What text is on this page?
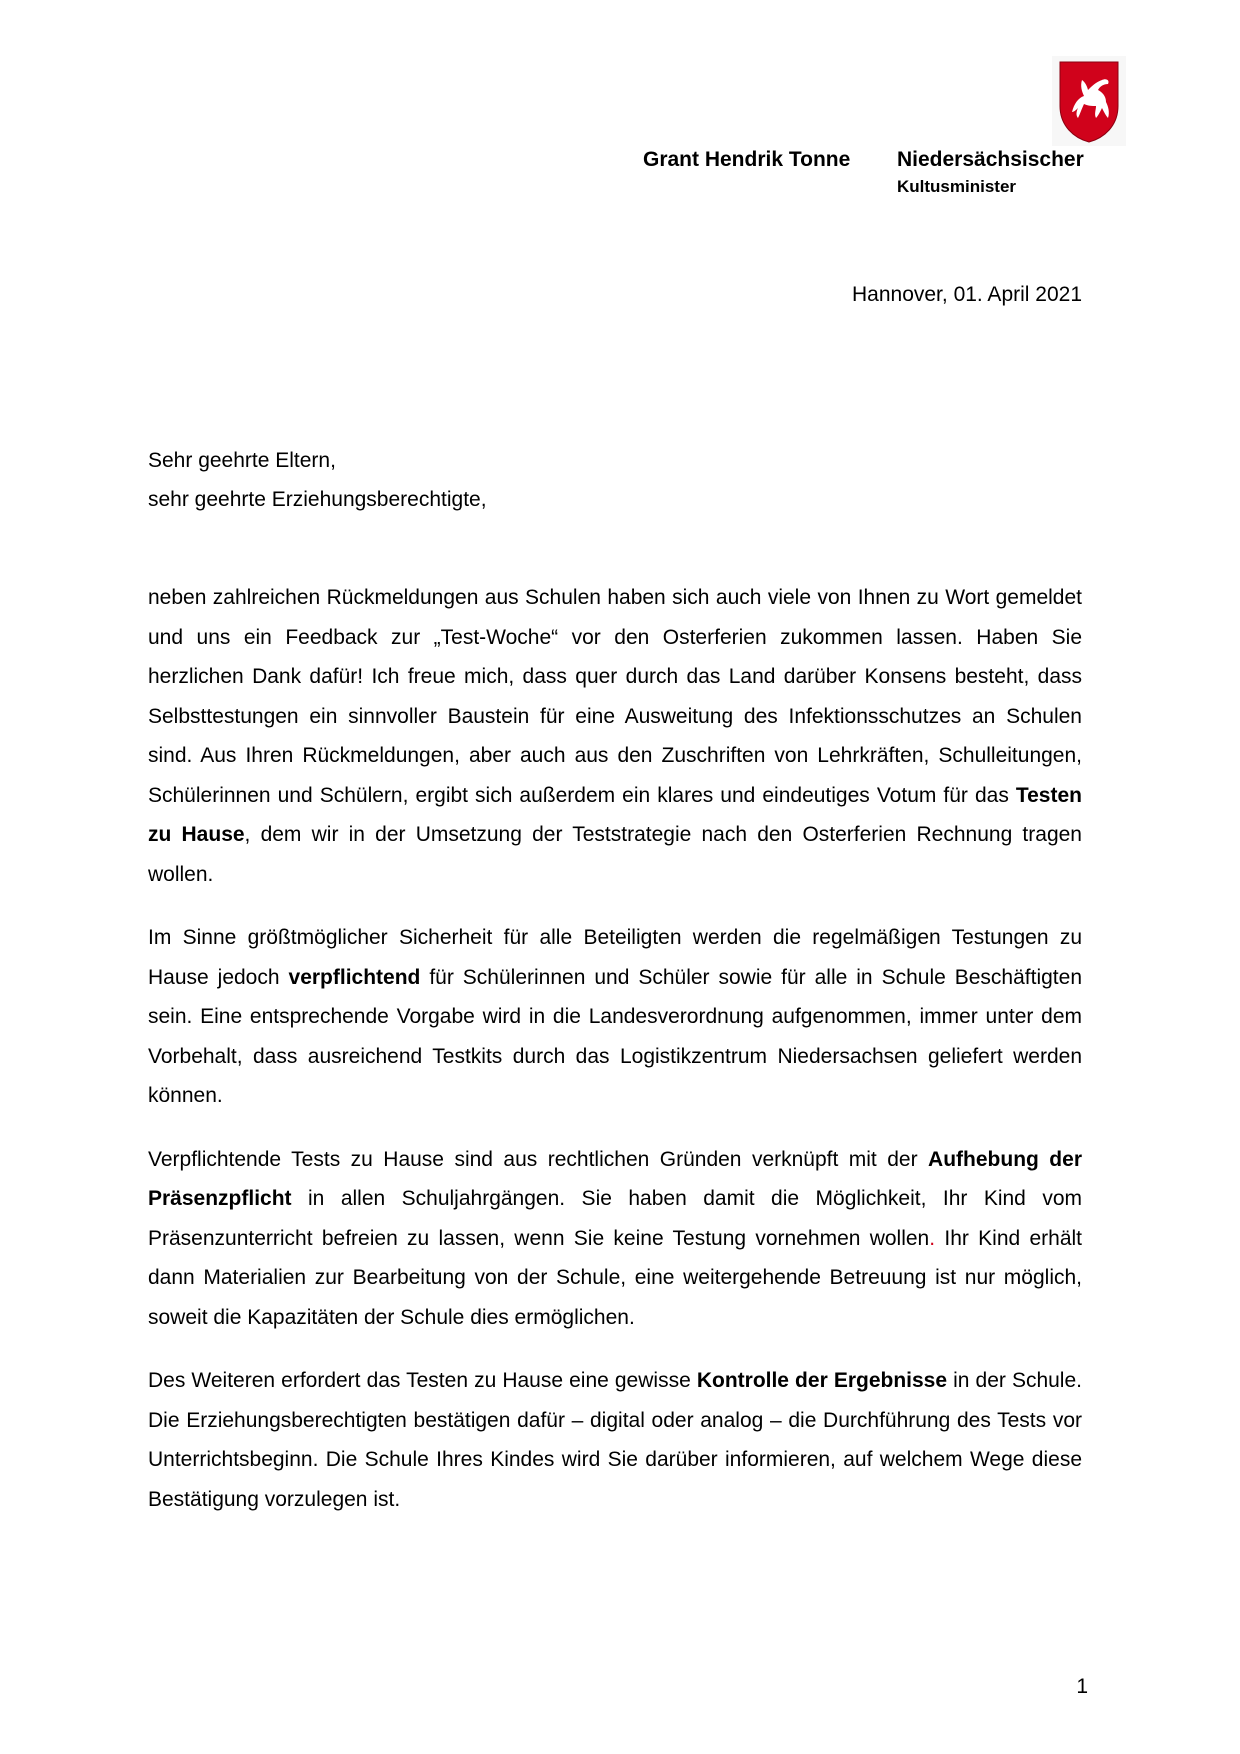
Grant Hendrik Tonne Niedersächsischer
Kultusminister
Hannover, 01. April 2021
Sehr geehrte Eltern,
sehr geehrte Erziehungsberechtigte,

neben zahlreichen Rückmeldungen aus Schulen haben sich auch viele von Ihnen zu Wort gemeldet und uns ein Feedback zur „Test-Woche“ vor den Osterferien zukommen lassen. Haben Sie herzlichen Dank dafür! Ich freue mich, dass quer durch das Land darüber Konsens besteht, dass Selbsttestungen ein sinnvoller Baustein für eine Ausweitung des Infektionsschutzes an Schulen sind. Aus Ihren Rückmeldungen, aber auch aus den Zuschriften von Lehrkräften, Schulleitungen, Schülerinnen und Schülern, ergibt sich außerdem ein klares und eindeutiges Votum für das Testen zu Hause, dem wir in der Umsetzung der Teststrategie nach den Osterferien Rechnung tragen wollen.

Im Sinne größtmöglicher Sicherheit für alle Beteiligten werden die regelmäßigen Testungen zu Hause jedoch verpflichtend für Schülerinnen und Schüler sowie für alle in Schule Beschäftigten sein. Eine entsprechende Vorgabe wird in die Landesverordnung aufgenommen, immer unter dem Vorbehalt, dass ausreichend Testkits durch das Logistikzentrum Niedersachsen geliefert werden können.

Verpflichtende Tests zu Hause sind aus rechtlichen Gründen verknüpft mit der Aufhebung der Präsenzpflicht in allen Schuljahrgängen. Sie haben damit die Möglichkeit, Ihr Kind vom Präsenzunterricht befreien zu lassen, wenn Sie keine Testung vornehmen wollen. Ihr Kind erhält dann Materialien zur Bearbeitung von der Schule, eine weitergehende Betreuung ist nur möglich, soweit die Kapazitäten der Schule dies ermöglichen.

Des Weiteren erfordert das Testen zu Hause eine gewisse Kontrolle der Ergebnisse in der Schule. Die Erziehungsberechtigten bestätigen dafür – digital oder analog – die Durchführung des Tests vor Unterrichtsbeginn. Die Schule Ihres Kindes wird Sie darüber informieren, auf welchem Wege diese Bestätigung vorzulegen ist.

1
